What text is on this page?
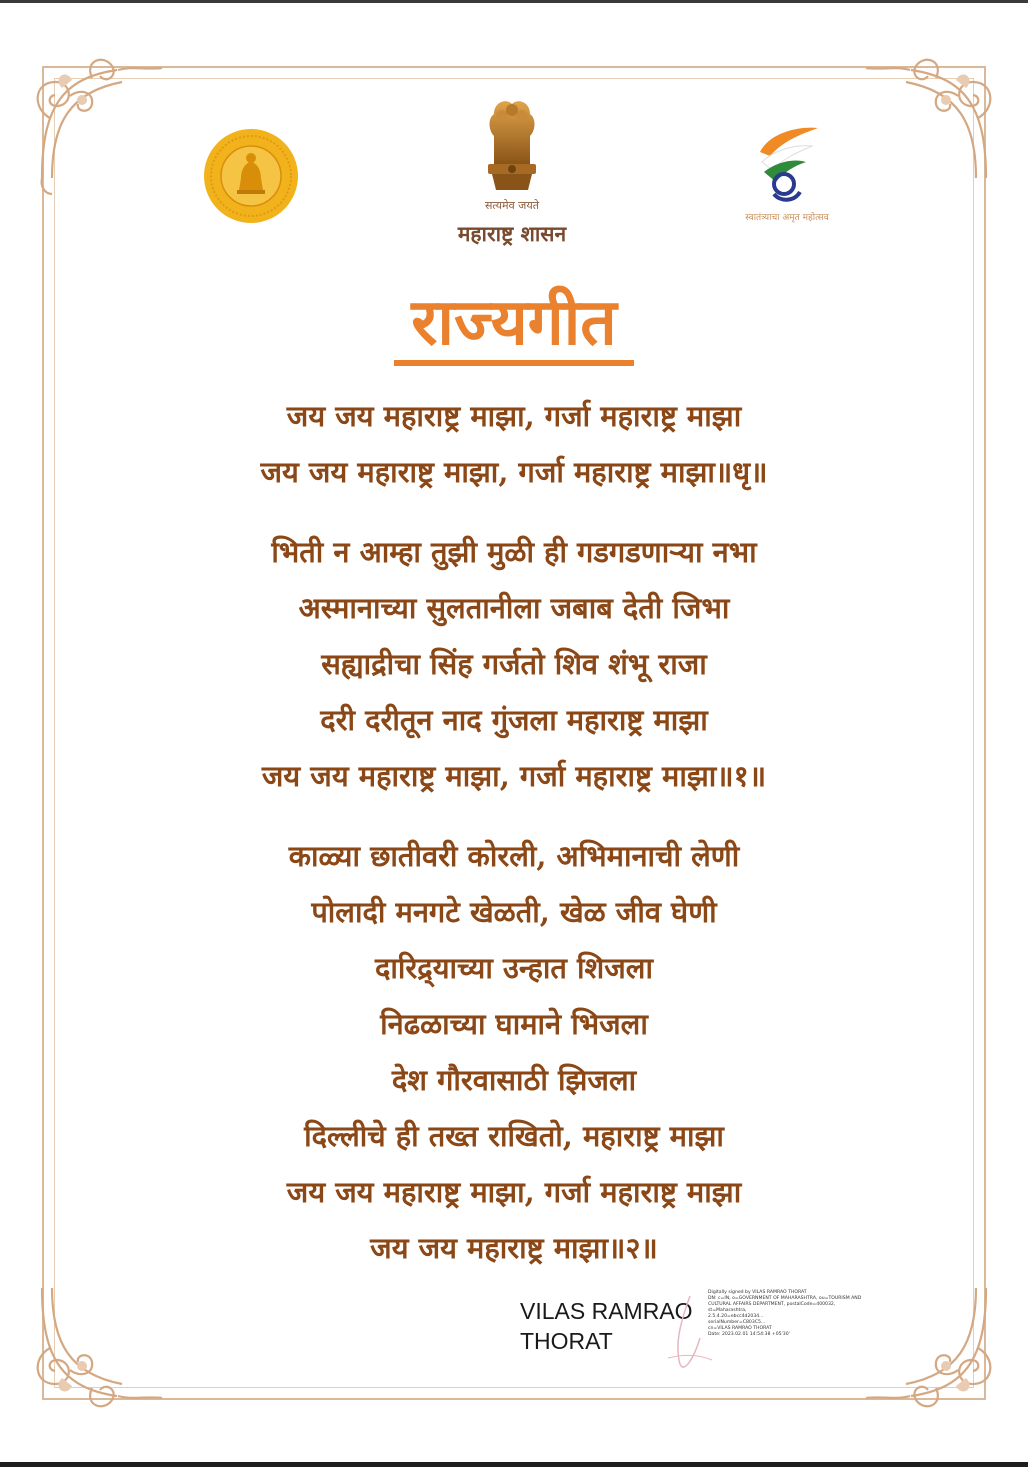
सत्यमेव जयते
महाराष्ट्र शासन
स्वातंत्र्याचा अमृत महोत्सव
राज्यगीत
जय जय महाराष्ट्र माझा, गर्जा महाराष्ट्र माझा
जय जय महाराष्ट्र माझा, गर्जा महाराष्ट्र माझा॥धृ॥
भिती न आम्हा तुझी मुळी ही गडगडणाऱ्या नभा
अस्मानाच्या सुलतानीला जबाब देती जिभा
सह्याद्रीचा सिंह गर्जतो शिव शंभू राजा
दरी दरीतून नाद गुंजला महाराष्ट्र माझा
जय जय महाराष्ट्र माझा, गर्जा महाराष्ट्र माझा॥१॥
काळ्या छातीवरी कोरली, अभिमानाची लेणी
पोलादी मनगटे खेळती, खेळ जीव घेणी
दारिद्र्याच्या उन्हात शिजला
निढळाच्या घामाने भिजला
देश गौरवासाठी झिजला
दिल्लीचे ही तख्त राखितो, महाराष्ट्र माझा
जय जय महाराष्ट्र माझा, गर्जा महाराष्ट्र माझा
जय जय महाराष्ट्र माझा॥२॥
VILAS RAMRAO
THORAT
Digitally signed by VILAS RAMRAO THORAT
DN: c=IN, o=GOVERNMENT OF MAHARASHTRA, ou=TOURISM AND
CULTURAL AFFAIRS DEPARTMENT, postalCode=400032,
st=Maharashtra,
2.5.4.20=ebcc4d2034...
serialNumber=C803C5...
cn=VILAS RAMRAO THORAT
Date: 2023.02.01 14:54:38 +05'30'
